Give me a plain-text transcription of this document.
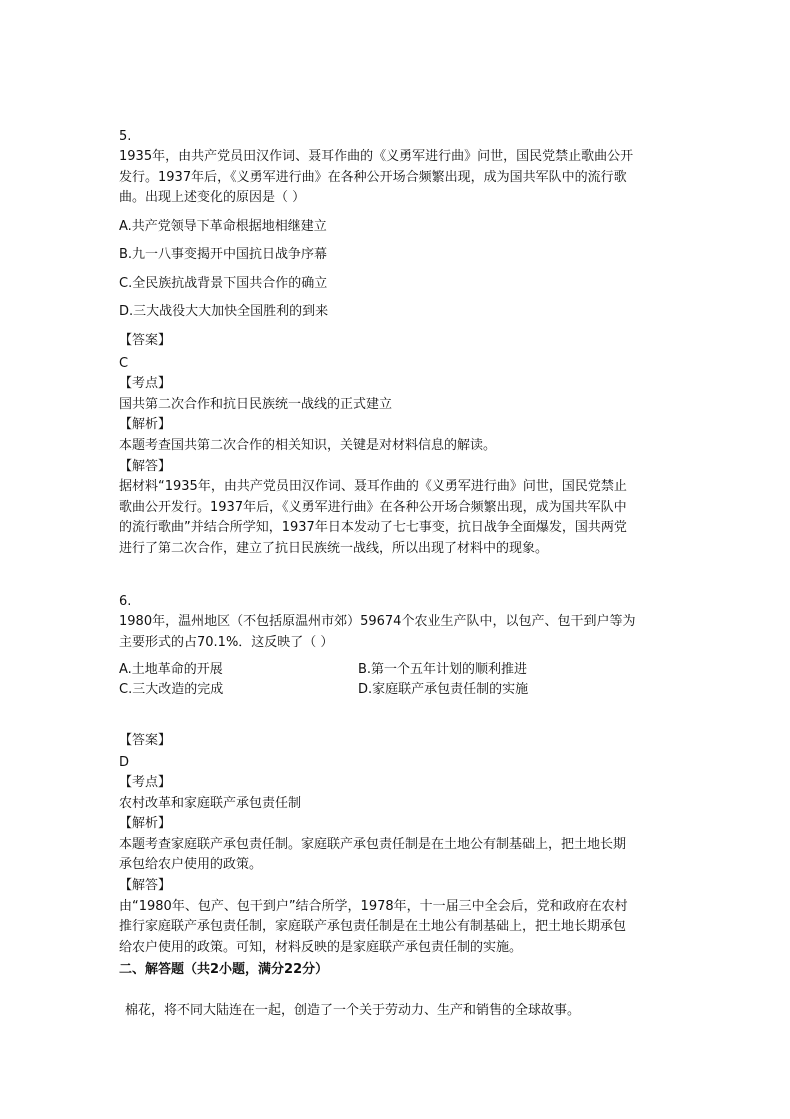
5.
1935年，由共产党员田汉作词、聂耳作曲的《义勇军进行曲》问世，国民党禁止歌曲公开
发行。1937年后，《义勇军进行曲》在各种公开场合频繁出现，成为国共军队中的流行歌
曲。出现上述变化的原因是（ ）
A.共产党领导下革命根据地相继建立
B.九一八事变揭开中国抗日战争序幕
C.全民族抗战背景下国共合作的确立
D.三大战役大大加快全国胜利的到来
【答案】
C
【考点】
国共第二次合作和抗日民族统一战线的正式建立
【解析】
本题考查国共第二次合作的相关知识，关键是对材料信息的解读。
【解答】
据材料“1935年，由共产党员田汉作词、聂耳作曲的《义勇军进行曲》问世，国民党禁止
歌曲公开发行。1937年后，《义勇军进行曲》在各种公开场合频繁出现，成为国共军队中
的流行歌曲”并结合所学知，1937年日本发动了七七事变，抗日战争全面爆发，国共两党
进行了第二次合作，建立了抗日民族统一战线，所以出现了材料中的现象。
6.
1980年，温州地区（不包括原温州市郊）59674个农业生产队中，以包产、包干到户等为
主要形式的占70.1%．这反映了（ ）
A.土地革命的开展	B.第一个五年计划的顺利推进
C.三大改造的完成	D.家庭联产承包责任制的实施
【答案】
D
【考点】
农村改革和家庭联产承包责任制
【解析】
本题考查家庭联产承包责任制。家庭联产承包责任制是在土地公有制基础上，把土地长期
承包给农户使用的政策。
【解答】
由“1980年、包产、包干到户”结合所学，1978年，十一届三中全会后，党和政府在农村
推行家庭联产承包责任制，家庭联产承包责任制是在土地公有制基础上，把土地长期承包
给农户使用的政策。可知，材料反映的是家庭联产承包责任制的实施。
二、解答题（共2小题，满分22分）
棉花，将不同大陆连在一起，创造了一个关于劳动力、生产和销售的全球故事。
